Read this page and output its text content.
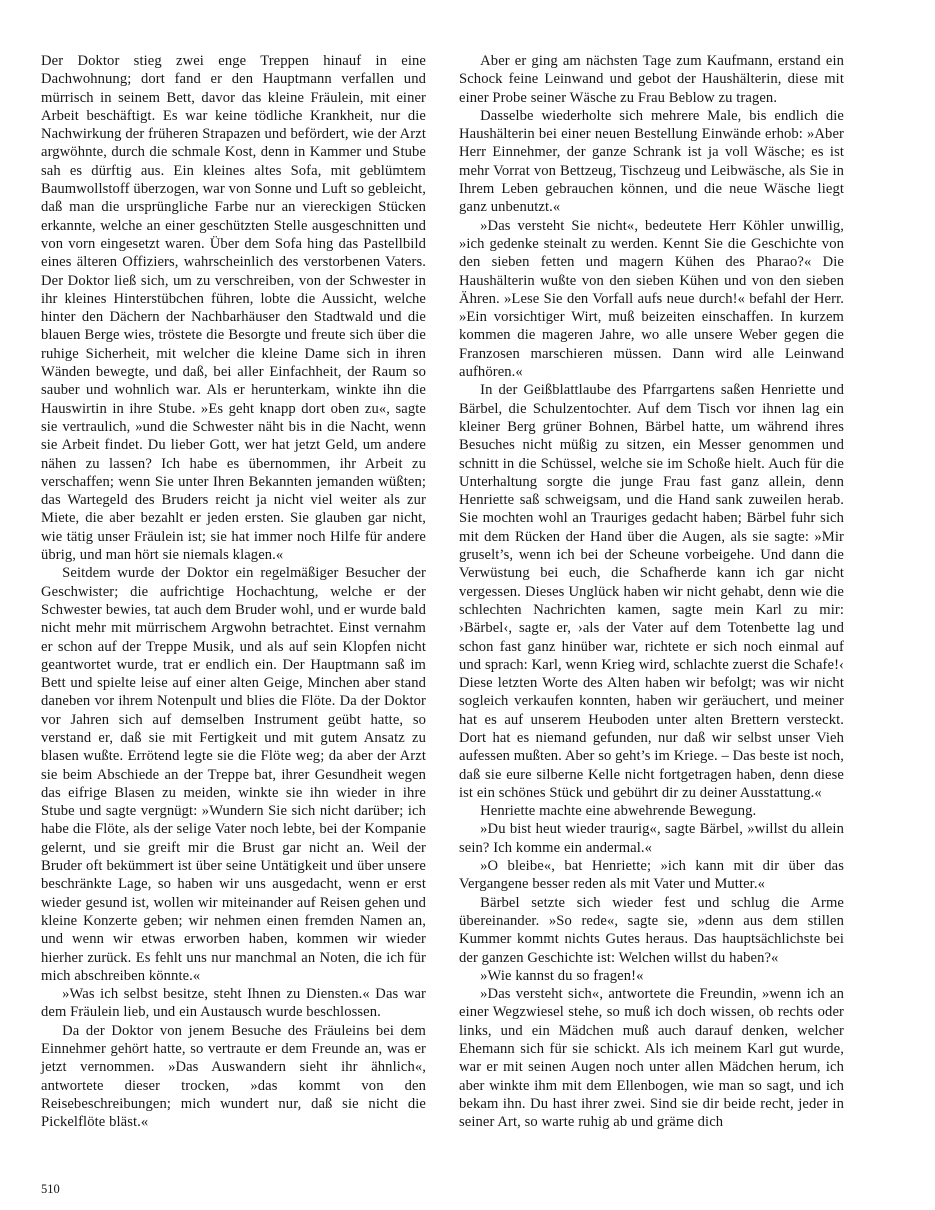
Der Doktor stieg zwei enge Treppen hinauf in eine Dachwohnung; dort fand er den Hauptmann verfallen und mürrisch in seinem Bett, davor das kleine Fräulein, mit einer Arbeit beschäftigt. Es war keine tödliche Krankheit, nur die Nachwirkung der früheren Strapazen und befördert, wie der Arzt argwöhnte, durch die schmale Kost, denn in Kammer und Stube sah es dürftig aus. Ein kleines altes Sofa, mit geblümtem Baumwollstoff überzogen, war von Sonne und Luft so gebleicht, daß man die ursprüngliche Farbe nur an viereckigen Stücken erkannte, welche an einer geschützten Stelle ausgeschnitten und von vorn eingesetzt waren. Über dem Sofa hing das Pastellbild eines älteren Offiziers, wahrscheinlich des verstorbenen Vaters. Der Doktor ließ sich, um zu verschreiben, von der Schwester in ihr kleines Hinterstübchen führen, lobte die Aussicht, welche hinter den Dächern der Nachbarhäuser den Stadtwald und die blauen Berge wies, tröstete die Besorgte und freute sich über die ruhige Sicherheit, mit welcher die kleine Dame sich in ihren Wänden bewegte, und daß, bei aller Einfachheit, der Raum so sauber und wohnlich war. Als er herunterkam, winkte ihn die Hauswirtin in ihre Stube. »Es geht knapp dort oben zu«, sagte sie vertraulich, »und die Schwester näht bis in die Nacht, wenn sie Arbeit findet. Du lieber Gott, wer hat jetzt Geld, um andere nähen zu lassen? Ich habe es übernommen, ihr Arbeit zu verschaffen; wenn Sie unter Ihren Bekannten jemanden wüßten; das Wartegeld des Bruders reicht ja nicht viel weiter als zur Miete, die aber bezahlt er jeden ersten. Sie glauben gar nicht, wie tätig unser Fräulein ist; sie hat immer noch Hilfe für andere übrig, und man hört sie niemals klagen.«

Seitdem wurde der Doktor ein regelmäßiger Besucher der Geschwister; die aufrichtige Hochachtung, welche er der Schwester bewies, tat auch dem Bruder wohl, und er wurde bald nicht mehr mit mürrischem Argwohn betrachtet. Einst vernahm er schon auf der Treppe Musik, und als auf sein Klopfen nicht geantwortet wurde, trat er endlich ein. Der Hauptmann saß im Bett und spielte leise auf einer alten Geige, Minchen aber stand daneben vor ihrem Notenpult und blies die Flöte. Da der Doktor vor Jahren sich auf demselben Instrument geübt hatte, so verstand er, daß sie mit Fertigkeit und mit gutem Ansatz zu blasen wußte. Errötend legte sie die Flöte weg; da aber der Arzt sie beim Abschiede an der Treppe bat, ihrer Gesundheit wegen das eifrige Blasen zu meiden, winkte sie ihn wieder in ihre Stube und sagte vergnügt: »Wundern Sie sich nicht darüber; ich habe die Flöte, als der selige Vater noch lebte, bei der Kompanie gelernt, und sie greift mir die Brust gar nicht an. Weil der Bruder oft bekümmert ist über seine Untätigkeit und über unsere beschränkte Lage, so haben wir uns ausgedacht, wenn er erst wieder gesund ist, wollen wir miteinander auf Reisen gehen und kleine Konzerte geben; wir nehmen einen fremden Namen an, und wenn wir etwas erworben haben, kommen wir wieder hierher zurück. Es fehlt uns nur manchmal an Noten, die ich für mich abschreiben könnte.«

»Was ich selbst besitze, steht Ihnen zu Diensten.« Das war dem Fräulein lieb, und ein Austausch wurde beschlossen.

Da der Doktor von jenem Besuche des Fräuleins bei dem Einnehmer gehört hatte, so vertraute er dem Freunde an, was er jetzt vernommen. »Das Auswandern sieht ihr ähnlich«, antwortete dieser trocken, »das kommt von den Reisebeschreibungen; mich wundert nur, daß sie nicht die Pickelflöte bläst.«

Aber er ging am nächsten Tage zum Kaufmann, erstand ein Schock feine Leinwand und gebot der Haushälterin, diese mit einer Probe seiner Wäsche zu Frau Beblow zu tragen.

Dasselbe wiederholte sich mehrere Male, bis endlich die Haushälterin bei einer neuen Bestellung Einwände erhob: »Aber Herr Einnehmer, der ganze Schrank ist ja voll Wäsche; es ist mehr Vorrat von Bettzeug, Tischzeug und Leibwäsche, als Sie in Ihrem Leben gebrauchen können, und die neue Wäsche liegt ganz unbenutzt.«

»Das versteht Sie nicht«, bedeutete Herr Köhler unwillig, »ich gedenke steinalt zu werden. Kennt Sie die Geschichte von den sieben fetten und magern Kühen des Pharao?« Die Haushälterin wußte von den sieben Kühen und von den sieben Ähren. »Lese Sie den Vorfall aufs neue durch!« befahl der Herr. »Ein vorsichtiger Wirt, muß beizeiten einschaffen. In kurzem kommen die mageren Jahre, wo alle unsere Weber gegen die Franzosen marschieren müssen. Dann wird alle Leinwand aufhören.«

In der Geißblattlaube des Pfarrgartens saßen Henriette und Bärbel, die Schulzentochter. Auf dem Tisch vor ihnen lag ein kleiner Berg grüner Bohnen, Bärbel hatte, um während ihres Besuches nicht müßig zu sitzen, ein Messer genommen und schnitt in die Schüssel, welche sie im Schoße hielt. Auch für die Unterhaltung sorgte die junge Frau fast ganz allein, denn Henriette saß schweigsam, und die Hand sank zuweilen herab. Sie mochten wohl an Trauriges gedacht haben; Bärbel fuhr sich mit dem Rücken der Hand über die Augen, als sie sagte: »Mir gruselt’s, wenn ich bei der Scheune vorbeigehe. Und dann die Verwüstung bei euch, die Schafherde kann ich gar nicht vergessen. Dieses Unglück haben wir nicht gehabt, denn wie die schlechten Nachrichten kamen, sagte mein Karl zu mir: ›Bärbel‹, sagte er, ›als der Vater auf dem Totenbette lag und schon fast ganz hinüber war, richtete er sich noch einmal auf und sprach: Karl, wenn Krieg wird, schlachte zuerst die Schafe!‹ Diese letzten Worte des Alten haben wir befolgt; was wir nicht sogleich verkaufen konnten, haben wir geräuchert, und meiner hat es auf unserem Heuboden unter alten Brettern versteckt. Dort hat es niemand gefunden, nur daß wir selbst unser Vieh aufessen mußten. Aber so geht’s im Kriege. – Das beste ist noch, daß sie eure silberne Kelle nicht fortgetragen haben, denn diese ist ein schönes Stück und gebührt dir zu deiner Ausstattung.«

Henriette machte eine abwehrende Bewegung.

»Du bist heut wieder traurig«, sagte Bärbel, »willst du allein sein? Ich komme ein andermal.«

»O bleibe«, bat Henriette; »ich kann mit dir über das Vergangene besser reden als mit Vater und Mutter.«

Bärbel setzte sich wieder fest und schlug die Arme übereinander. »So rede«, sagte sie, »denn aus dem stillen Kummer kommt nichts Gutes heraus. Das hauptsächlichste bei der ganzen Geschichte ist: Welchen willst du haben?«

»Wie kannst du so fragen!«

»Das versteht sich«, antwortete die Freundin, »wenn ich an einer Wegzwiesel stehe, so muß ich doch wissen, ob rechts oder links, und ein Mädchen muß auch darauf denken, welcher Ehemann sich für sie schickt. Als ich meinem Karl gut wurde, war er mit seinen Augen noch unter allen Mädchen herum, ich aber winkte ihm mit dem Ellenbogen, wie man so sagt, und ich bekam ihn. Du hast ihrer zwei. Sind sie dir beide recht, jeder in seiner Art, so warte ruhig ab und gräme dich

510
